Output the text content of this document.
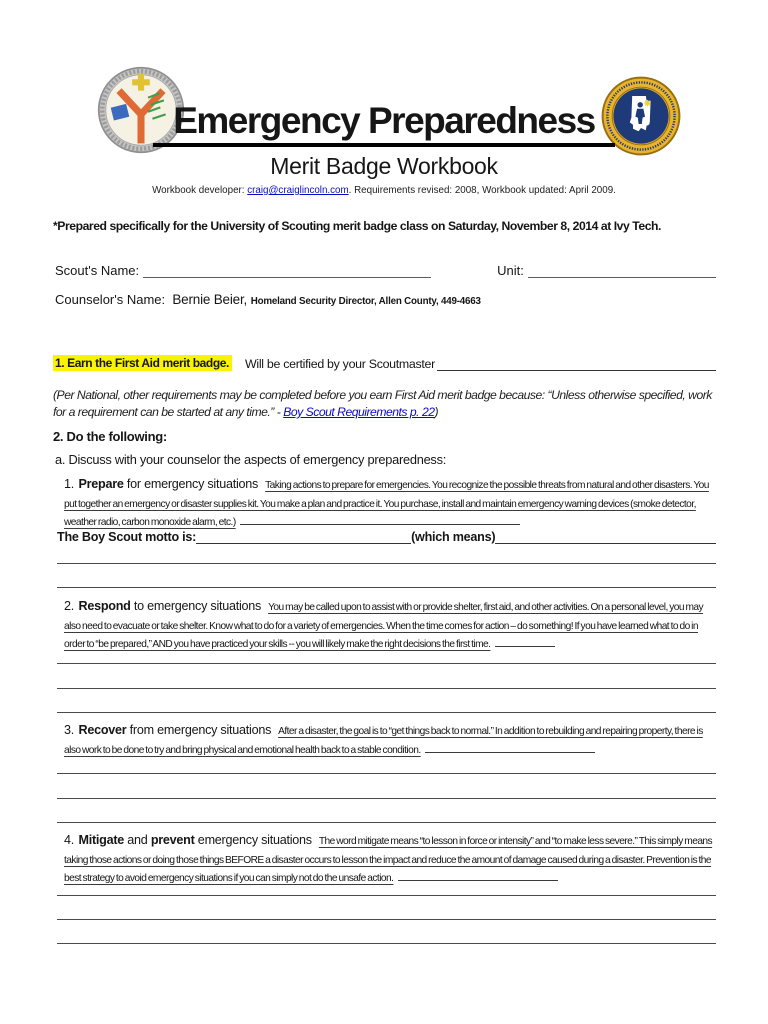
Emergency Preparedness
Merit Badge Workbook
Workbook developer: craig@craiglincoln.com. Requirements revised: 2008, Workbook updated: April 2009.
*Prepared specifically for the University of Scouting merit badge class on Saturday, November 8, 2014 at Ivy Tech.
Scout's Name:	Unit:
Counselor's Name: Bernie Beier, Homeland Security Director, Allen County, 449-4663
1. Earn the First Aid merit badge. Will be certified by your Scoutmaster
(Per National, other requirements may be completed before you earn First Aid merit badge because: “Unless otherwise specified, work for a requirement can be started at any time.” - Boy Scout Requirements p. 22)
2. Do the following:
a. Discuss with your counselor the aspects of emergency preparedness:
1. Prepare for emergency situations Taking actions to prepare for emergencies. You recognize the possible threats from natural and other disasters. You put together an emergency or disaster supplies kit. You make a plan and practice it. You purchase, install and maintain emergency warning devices (smoke detector, weather radio, carbon monoxide alarm, etc.)
The Boy Scout motto is:	(which means)
2. Respond to emergency situations You may be called upon to assist with or provide shelter, first aid, and other activities. On a personal level, you may also need to evacuate or take shelter. Know what to do for a variety of emergencies. When the time comes for action – do something! If you have learned what to do in order to “be prepared,” AND you have practiced your skills -- you will likely make the right decisions the first time.
3. Recover from emergency situations After a disaster, the goal is to “get things back to normal.” In addition to rebuilding and repairing property, there is also work to be done to try and bring physical and emotional health back to a stable condition.
4. Mitigate and prevent emergency situations The word mitigate means “to lesson in force or intensity” and “to make less severe.” This simply means taking those actions or doing those things BEFORE a disaster occurs to lesson the impact and reduce the amount of damage caused during a disaster. Prevention is the best strategy to avoid emergency situations if you can simply not do the unsafe action.
